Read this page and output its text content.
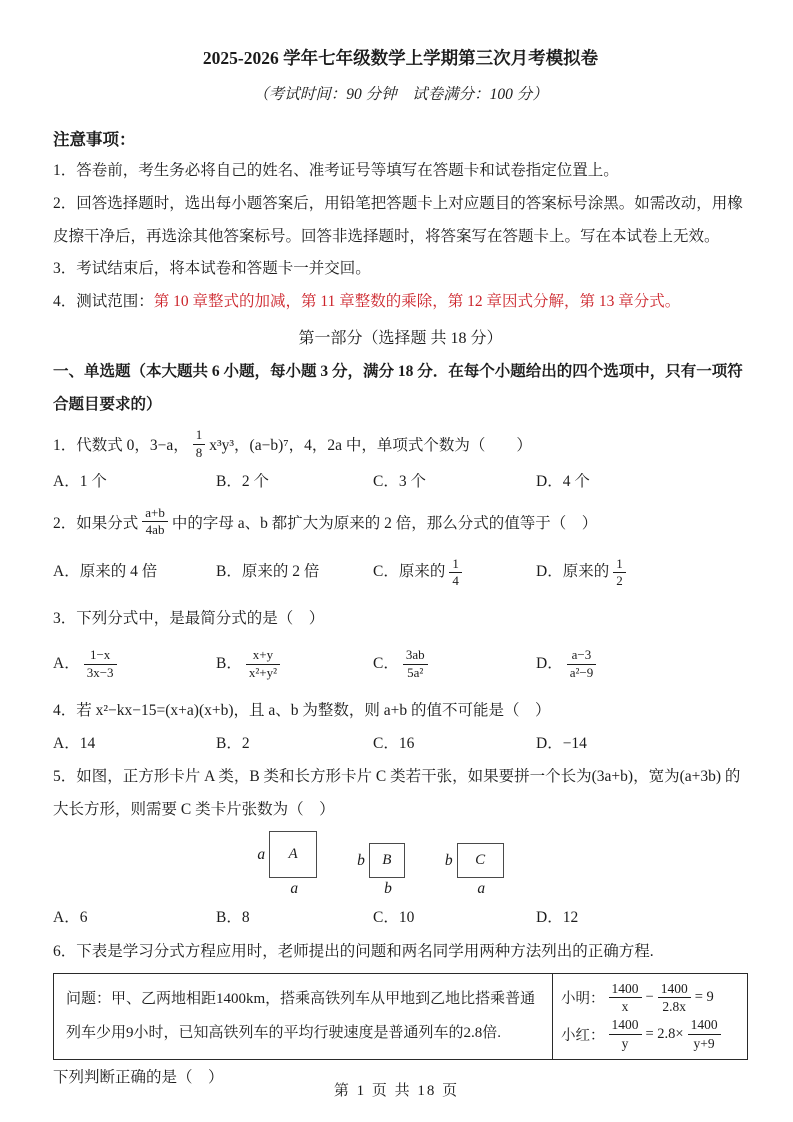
2025-2026 学年七年级数学上学期第三次月考模拟卷
（考试时间：90 分钟　试卷满分：100 分）
注意事项：

1．答卷前，考生务必将自己的姓名、准考证号等填写在答题卡和试卷指定位置上。

2．回答选择题时，选出每小题答案后，用铅笔把答题卡上对应题目的答案标号涂黑。如需改动，用橡皮擦干净后，再选涂其他答案标号。回答非选择题时，将答案写在答题卡上。写在本试卷上无效。

3．考试结束后，将本试卷和答题卡一并交回。

4．测试范围：第 10 章整式的加减，第 11 章整数的乘除，第 12 章因式分解，第 13 章分式。

第一部分（选择题 共 18 分）

一、单选题（本大题共 6 小题，每小题 3 分，满分 18 分．在每个小题给出的四个选项中，只有一项符合题目要求的）

1．代数式 0，3−a， $\frac{1}{8} x^3y^3$，(a−b)⁷，4，2a 中，单项式个数为（　　）
A．1 个	B．2 个	C．3 个	D．4 个
2．如果分式 $\frac{a+b}{4ab}$ 中的字母 a、b 都扩大为原来的 2 倍，那么分式的值等于（　）
A．原来的 4 倍	B．原来的 2 倍	C．原来的 $\frac{1}{4}$	D．原来的 $\frac{1}{2}$

3．下列分式中，是最简分式的是（　）

A． $\frac{1-x}{3x-3}$	B． $\frac{x+y}{\text{x²+y²}}$	C． $\frac{3ab}{\text{5a²}}$	D． $\frac{a-3}{\text{a²−9}}$

4．若 x²−kx−15=(x+a)(x+b)，且 a、b 为整数，则 a+b 的值不可能是（　）

A．14	B．2	C．16	D．−14

5．如图，正方形卡片 A 类，B 类和长方形卡片 C 类若干张，如果要拼一个长为(3a+b)，宽为(a+3b) 的大长方形，则需要 C 类卡片张数为（　）

a A
a
b B
b
b C
a
A．6	B．8	C．10	D．12

6．下表是学习分式方程应用时，老师提出的问题和两名同学用两种方法列出的正确方程.

问题：甲、乙两地相距1400km，搭乘高铁列车从甲地到乙地比搭乘普通列车少用9小时，已知高铁列车的平均行驶速度是普通列车的2.8倍.
小明： $\frac{1400}{x} - \frac{1400}{2.8x} = 9$
小红： $\frac{1400}{y} = 2.8\times \frac{1400}{y+9}$

下列判断正确的是（　）

第 1 页 共 18 页
